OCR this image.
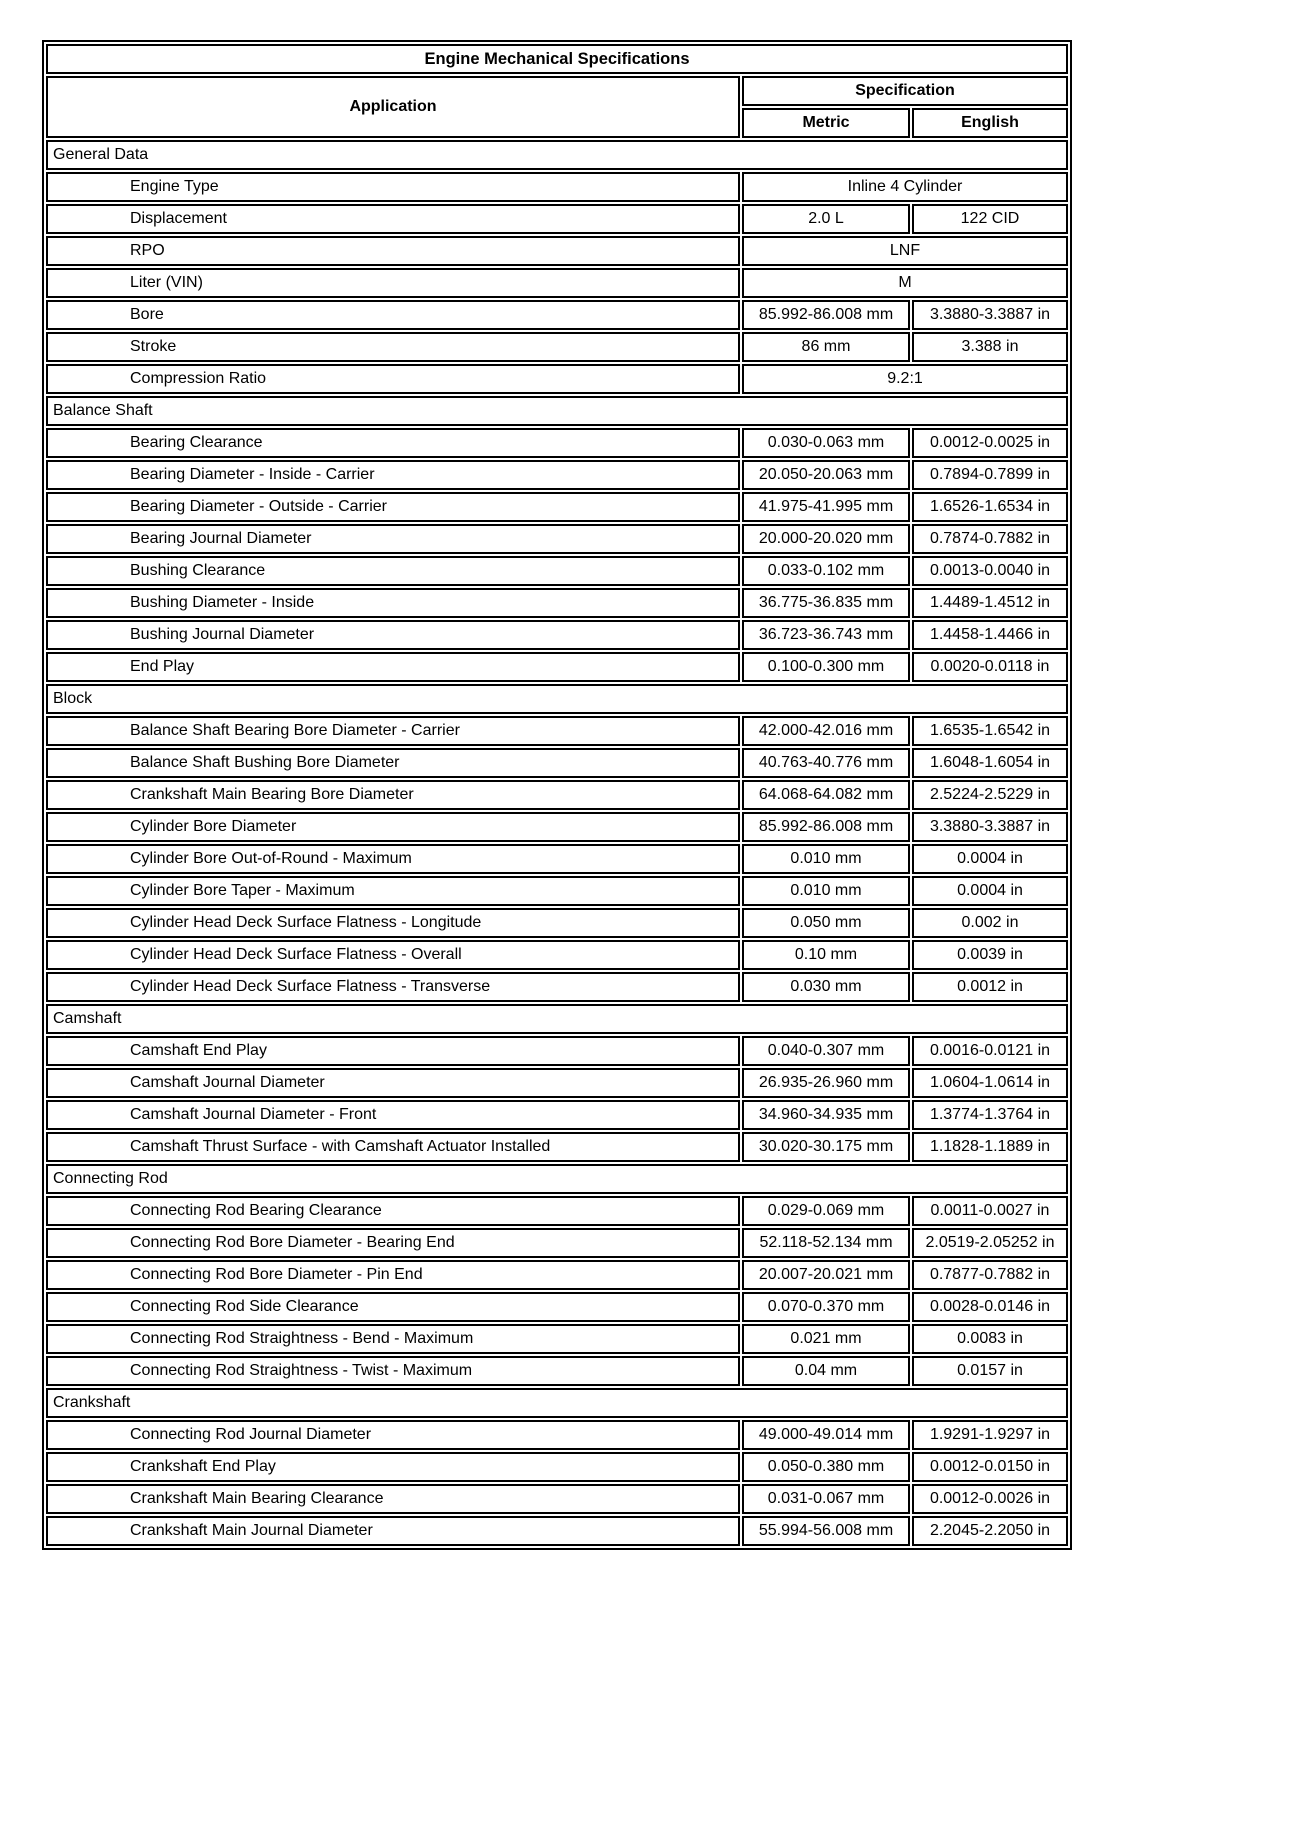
Engine Mechanical Specifications		
Application	Specification	
	Metric	English
General Data		
Engine Type	Inline 4 Cylinder	
Displacement	2.0 L	122 CID
RPO	LNF	
Liter (VIN)	M	
Bore	85.992-86.008 mm	3.3880-3.3887 in
Stroke	86 mm	3.388 in
Compression Ratio	9.2:1	
Balance Shaft		
Bearing Clearance	0.030-0.063 mm	0.0012-0.0025 in
Bearing Diameter - Inside - Carrier	20.050-20.063 mm	0.7894-0.7899 in
Bearing Diameter - Outside - Carrier	41.975-41.995 mm	1.6526-1.6534 in
Bearing Journal Diameter	20.000-20.020 mm	0.7874-0.7882 in
Bushing Clearance	0.033-0.102 mm	0.0013-0.0040 in
Bushing Diameter - Inside	36.775-36.835 mm	1.4489-1.4512 in
Bushing Journal Diameter	36.723-36.743 mm	1.4458-1.4466 in
End Play	0.100-0.300 mm	0.0020-0.0118 in
Block		
Balance Shaft Bearing Bore Diameter - Carrier	42.000-42.016 mm	1.6535-1.6542 in
Balance Shaft Bushing Bore Diameter	40.763-40.776 mm	1.6048-1.6054 in
Crankshaft Main Bearing Bore Diameter	64.068-64.082 mm	2.5224-2.5229 in
Cylinder Bore Diameter	85.992-86.008 mm	3.3880-3.3887 in
Cylinder Bore Out-of-Round - Maximum	0.010 mm	0.0004 in
Cylinder Bore Taper - Maximum	0.010 mm	0.0004 in
Cylinder Head Deck Surface Flatness - Longitude	0.050 mm	0.002 in
Cylinder Head Deck Surface Flatness - Overall	0.10 mm	0.0039 in
Cylinder Head Deck Surface Flatness - Transverse	0.030 mm	0.0012 in
Camshaft		
Camshaft End Play	0.040-0.307 mm	0.0016-0.0121 in
Camshaft Journal Diameter	26.935-26.960 mm	1.0604-1.0614 in
Camshaft Journal Diameter - Front	34.960-34.935 mm	1.3774-1.3764 in
Camshaft Thrust Surface - with Camshaft Actuator Installed	30.020-30.175 mm	1.1828-1.1889 in
Connecting Rod		
Connecting Rod Bearing Clearance	0.029-0.069 mm	0.0011-0.0027 in
Connecting Rod Bore Diameter - Bearing End	52.118-52.134 mm	2.0519-2.05252 in
Connecting Rod Bore Diameter - Pin End	20.007-20.021 mm	0.7877-0.7882 in
Connecting Rod Side Clearance	0.070-0.370 mm	0.0028-0.0146 in
Connecting Rod Straightness - Bend - Maximum	0.021 mm	0.0083 in
Connecting Rod Straightness - Twist - Maximum	0.04 mm	0.0157 in
Crankshaft		
Connecting Rod Journal Diameter	49.000-49.014 mm	1.9291-1.9297 in
Crankshaft End Play	0.050-0.380 mm	0.0012-0.0150 in
Crankshaft Main Bearing Clearance	0.031-0.067 mm	0.0012-0.0026 in
Crankshaft Main Journal Diameter	55.994-56.008 mm	2.2045-2.2050 in
